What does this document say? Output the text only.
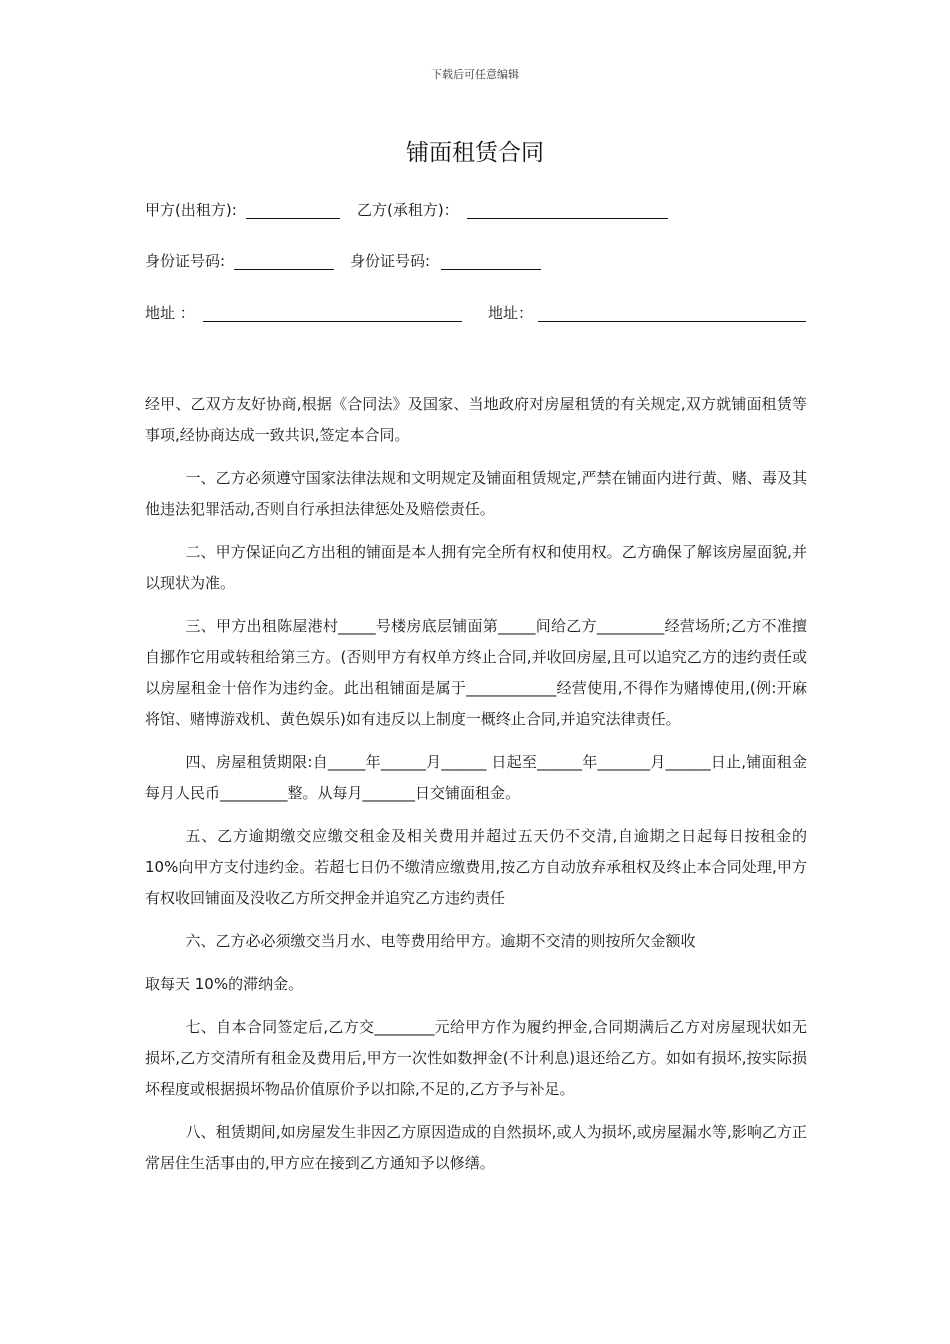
下载后可任意编辑
铺面租赁合同
甲方(出租方):	乙方(承租方)：
身份证号码:	身份证号码:
地址 ：	地址：

经甲、乙双方友好协商,根据《合同法》及国家、当地政府对房屋租赁的有关规定,双方就铺面租赁等事项,经协商达成一致共识,签定本合同。

一、乙方必须遵守国家法律法规和文明规定及铺面租赁规定,严禁在铺面内进行黄、赌、毒及其他违法犯罪活动,否则自行承担法律惩处及赔偿责任。

二、甲方保证向乙方出租的铺面是本人拥有完全所有权和使用权。乙方确保了解该房屋面貌,并以现状为准。

三、甲方出租陈屋港村_____号楼房底层铺面第_____间给乙方_________经营场所;乙方不准擅自挪作它用或转租给第三方。(否则甲方有权单方终止合同,并收回房屋,且可以追究乙方的违约责任或以房屋租金十倍作为违约金。此出租铺面是属于____________经营使用,不得作为赌博使用,(例:开麻将馆、赌博游戏机、黄色娱乐)如有违反以上制度一概终止合同,并追究法律责任。

四、房屋租赁期限:自_____年______月______ 日起至______年_______月______日止,铺面租金每月人民币_________整。从每月_______日交铺面租金。

五、乙方逾期缴交应缴交租金及相关费用并超过五天仍不交清,自逾期之日起每日按租金的 10%向甲方支付违约金。若超七日仍不缴清应缴费用,按乙方自动放弃承租权及终止本合同处理,甲方有权收回铺面及没收乙方所交押金并追究乙方违约责任

六、乙方必必须缴交当月水、电等费用给甲方。逾期不交清的则按所欠金额收

取每天 10%的滞纳金。

七、自本合同签定后,乙方交________元给甲方作为履约押金,合同期满后乙方对房屋现状如无损坏,乙方交清所有租金及费用后,甲方一次性如数押金(不计利息)退还给乙方。如如有损坏,按实际损坏程度或根据损坏物品价值原价予以扣除,不足的,乙方予与补足。

八、租赁期间,如房屋发生非因乙方原因造成的自然损坏,或人为损坏,或房屋漏水等,影响乙方正常居住生活事由的,甲方应在接到乙方通知予以修缮。
